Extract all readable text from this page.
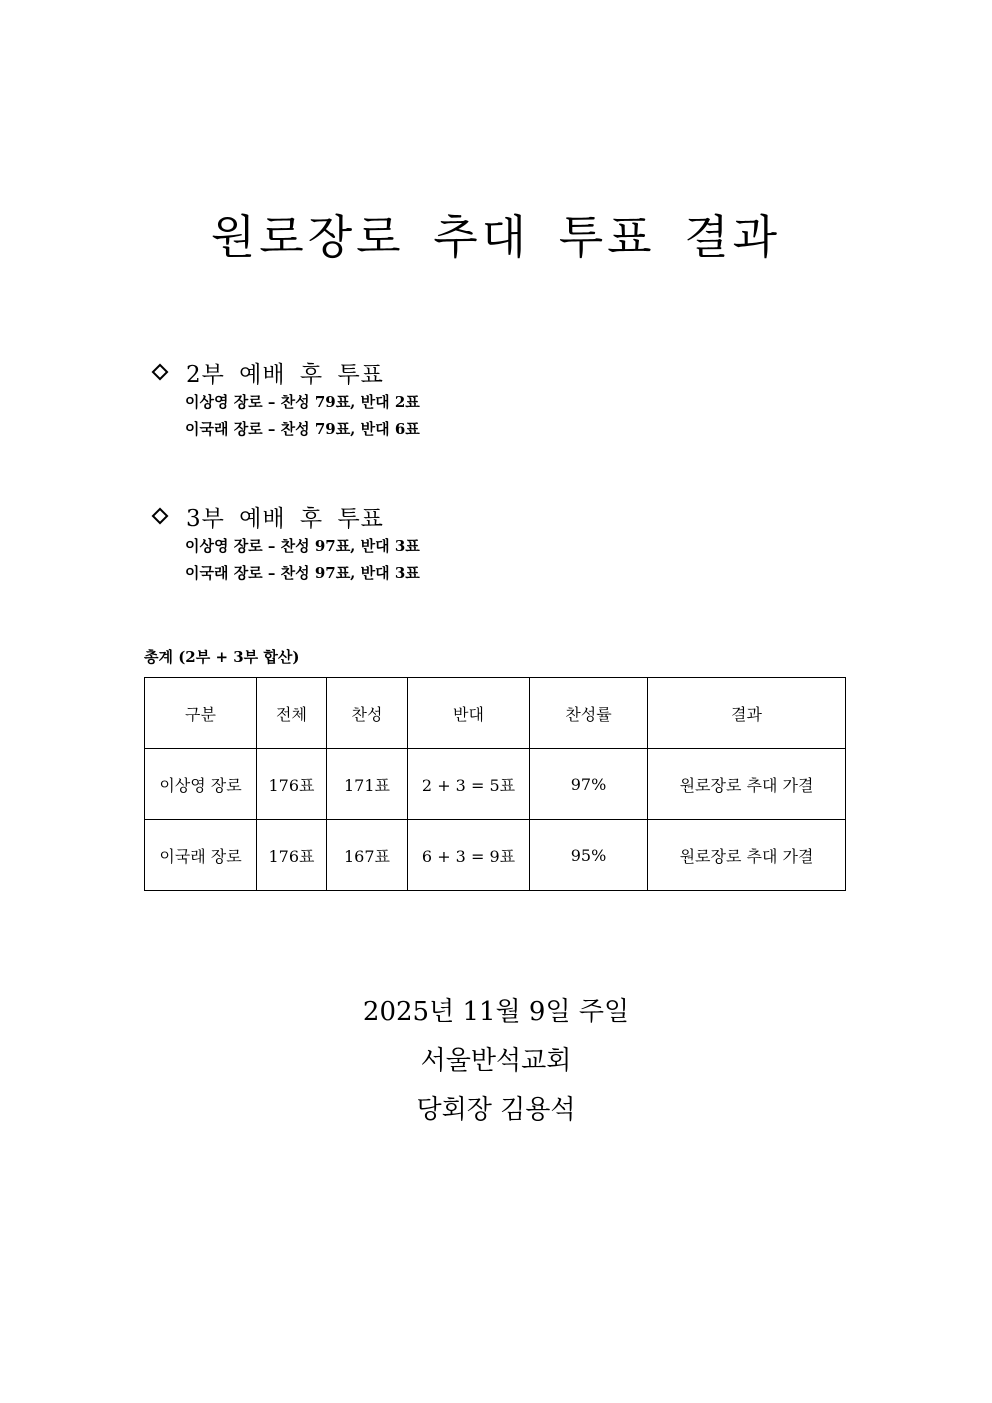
원로장로 추대 투표 결과
2부 예배 후 투표
이상영 장로 – 찬성 79표, 반대 2표
이국래 장로 – 찬성 79표, 반대 6표
3부 예배 후 투표
이상영 장로 – 찬성 97표, 반대 3표
이국래 장로 – 찬성 97표, 반대 3표
총계 (2부 + 3부 합산)
구분	전체	찬성	반대	찬성률	결과
이상영 장로	176표	171표	2 + 3 = 5표	97%	원로장로 추대 가결
이국래 장로	176표	167표	6 + 3 = 9표	95%	원로장로 추대 가결
2025년 11월 9일 주일
서울반석교회
당회장 김용석
